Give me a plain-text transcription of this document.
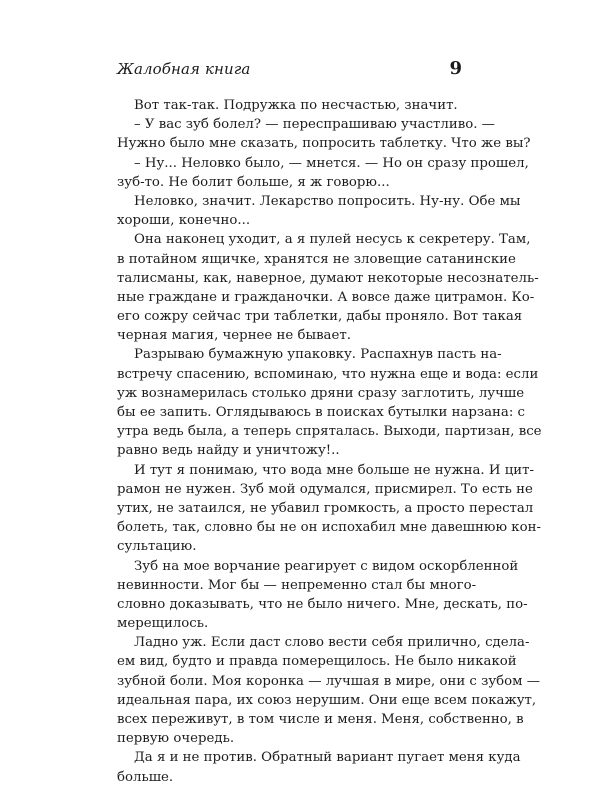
Жалобная книга	9
Вот так-так. Подружка по несчастью, значит.
– У вас зуб болел? — переспрашиваю участливо. —
Нужно было мне сказать, попросить таблетку. Что же вы?
– Ну... Неловко было, — мнется. — Но он сразу прошел,
зуб-то. Не болит больше, я ж говорю...
Неловко, значит. Лекарство попросить. Ну-ну. Обе мы
хороши, конечно...
Она наконец уходит, а я пулей несусь к секретеру. Там,
в потайном ящичке, хранятся не зловещие сатанинские
талисманы, как, наверное, думают некоторые несознатель-
ные граждане и гражданочки. А вовсе даже цитрамон. Ко-
его сожру сейчас три таблетки, дабы проняло. Вот такая
черная магия, чернее не бывает.
Разрываю бумажную упаковку. Распахнув пасть на-
встречу спасению, вспоминаю, что нужна еще и вода: если
уж вознамерилась столько дряни сразу заглотить, лучше
бы ее запить. Оглядываюсь в поисках бутылки нарзана: с
утра ведь была, а теперь спряталась. Выходи, партизан, все
равно ведь найду и уничтожу!..
И тут я понимаю, что вода мне больше не нужна. И цит-
рамон не нужен. Зуб мой одумался, присмирел. То есть не
утих, не затаился, не убавил громкость, а просто перестал
болеть, так, словно бы не он испохабил мне давешнюю кон-
сультацию.
Зуб на мое ворчание реагирует с видом оскорбленной
невинности. Мог бы — непременно стал бы многo-
словно доказывать, что не было ничего. Мне, дескать, по-
мерещилось.
Ладно уж. Если даст слово вести себя прилично, сделa-
ем вид, будто и правда померещилось. Не было никакой
зубной боли. Моя коронка — лучшая в мире, они с зубом —
идеальная пара, их союз нерушим. Они еще всем покажут,
всех переживут, в том числе и меня. Меня, собственно, в
первую очередь.
Да я и не против. Обратный вариант пугает меня куда
больше.
